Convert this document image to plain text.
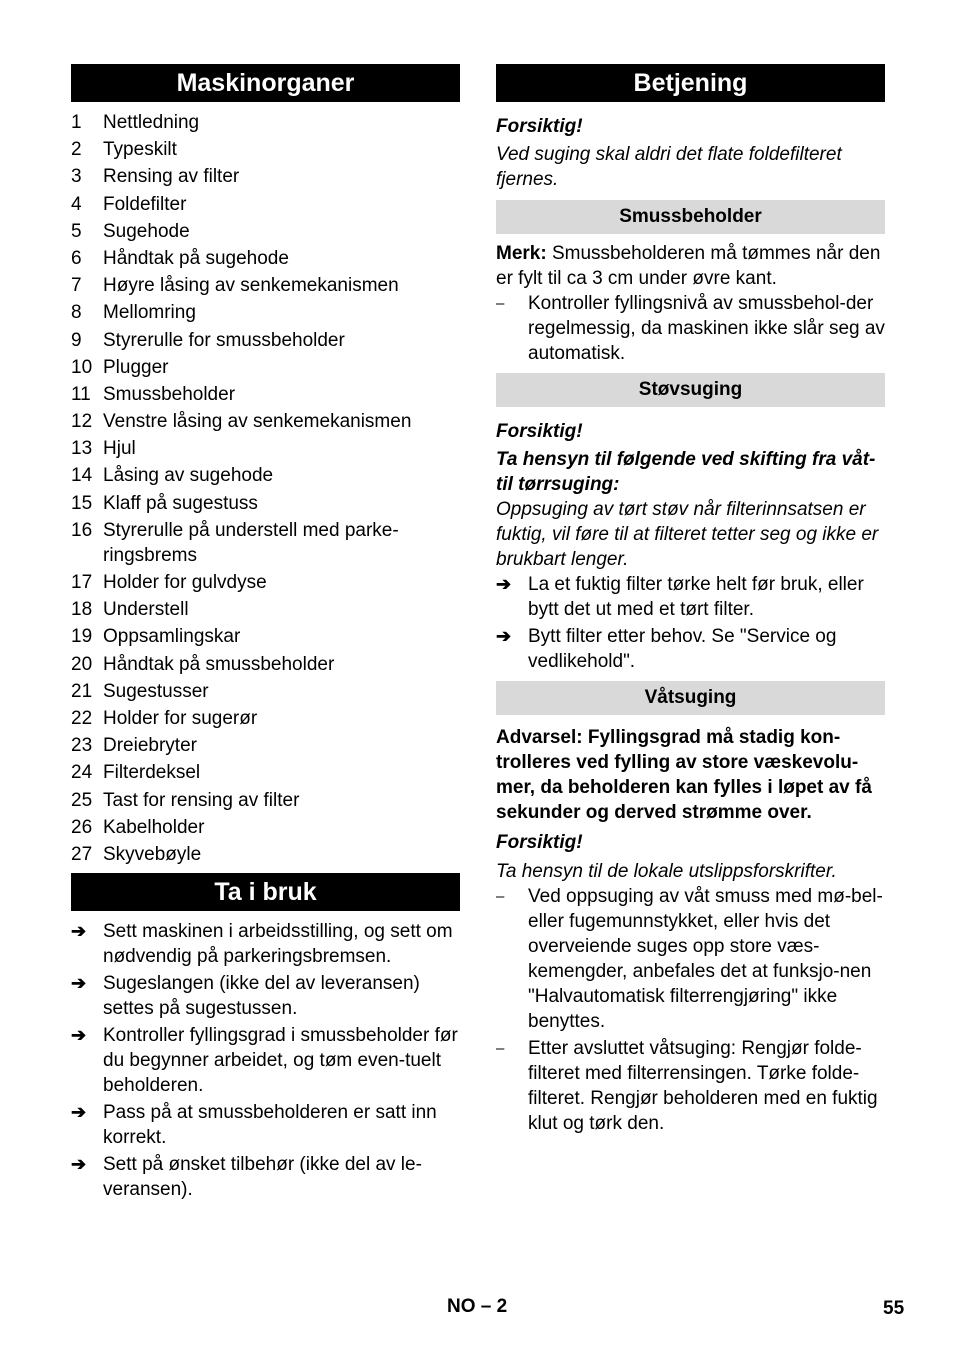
Maskinorganer
1	Nettledning
2	Typeskilt
3	Rensing av filter
4	Foldefilter
5	Sugehode
6	Håndtak på sugehode
7	Høyre låsing av senkemekanismen
8	Mellomring
9	Styrerulle for smussbeholder
10 Plugger
11 Smussbeholder
12 Venstre låsing av senkemekanismen
13 Hjul
14 Låsing av sugehode
15 Klaff på sugestuss
16 Styrerulle på understell med parke-ringsbrems
17 Holder for gulvdyse
18 Understell
19 Oppsamlingskar
20 Håndtak på smussbeholder
21 Sugestusser
22 Holder for sugerør
23 Dreiebryter
24 Filterdeksel
25 Tast for rensing av filter
26 Kabelholder
27 Skyvebøyle
Ta i bruk
➔ Sett maskinen i arbeidsstilling, og sett om nødvendig på parkeringsbremsen.
➔ Sugeslangen (ikke del av leveransen) settes på sugestussen.
➔ Kontroller fyllingsgrad i smussbeholder før du begynner arbeidet, og tøm even-tuelt beholderen.
➔ Pass på at smussbeholderen er satt inn korrekt.
➔ Sett på ønsket tilbehør (ikke del av le-veransen).
Betjening

Forsiktig!

Ved suging skal aldri det flate foldefilteret fjernes.

Smussbeholder

Merk: Smussbeholderen må tømmes når den er fylt til ca 3 cm under øvre kant.

–	Kontroller fyllingsnivå av smussbehol-der regelmessig, da maskinen ikke slår seg av automatisk.
Støvsuging

Forsiktig!

Ta hensyn til følgende ved skifting fra våt- til tørrsuging:

Oppsuging av tørt støv når filterinnsatsen er fuktig, vil føre til at filteret tetter seg og ikke er brukbart lenger.

➔ La et fuktig filter tørke helt før bruk, eller bytt det ut med et tørt filter.
➔ Bytt filter etter behov. Se "Service og vedlikehold".
Våtsuging

Advarsel: Fyllingsgrad må stadig kon-trolleres ved fylling av store væskevolu-mer, da beholderen kan fylles i løpet av få sekunder og derved strømme over.

Forsiktig!

Ta hensyn til de lokale utslippsforskrifter.

–	Ved oppsuging av våt smuss med mø-bel- eller fugemunnstykket, eller hvis det overveiende suges opp store væs-kemengder, anbefales det at funksjo-nen "Halvautomatisk filterrengjøring" ikke benyttes.
–	Etter avsluttet våtsuging: Rengjør folde-filteret med filterrensingen. Tørke folde-filteret. Rengjør beholderen med en fuktig klut og tørk den.
NO – 2	55
